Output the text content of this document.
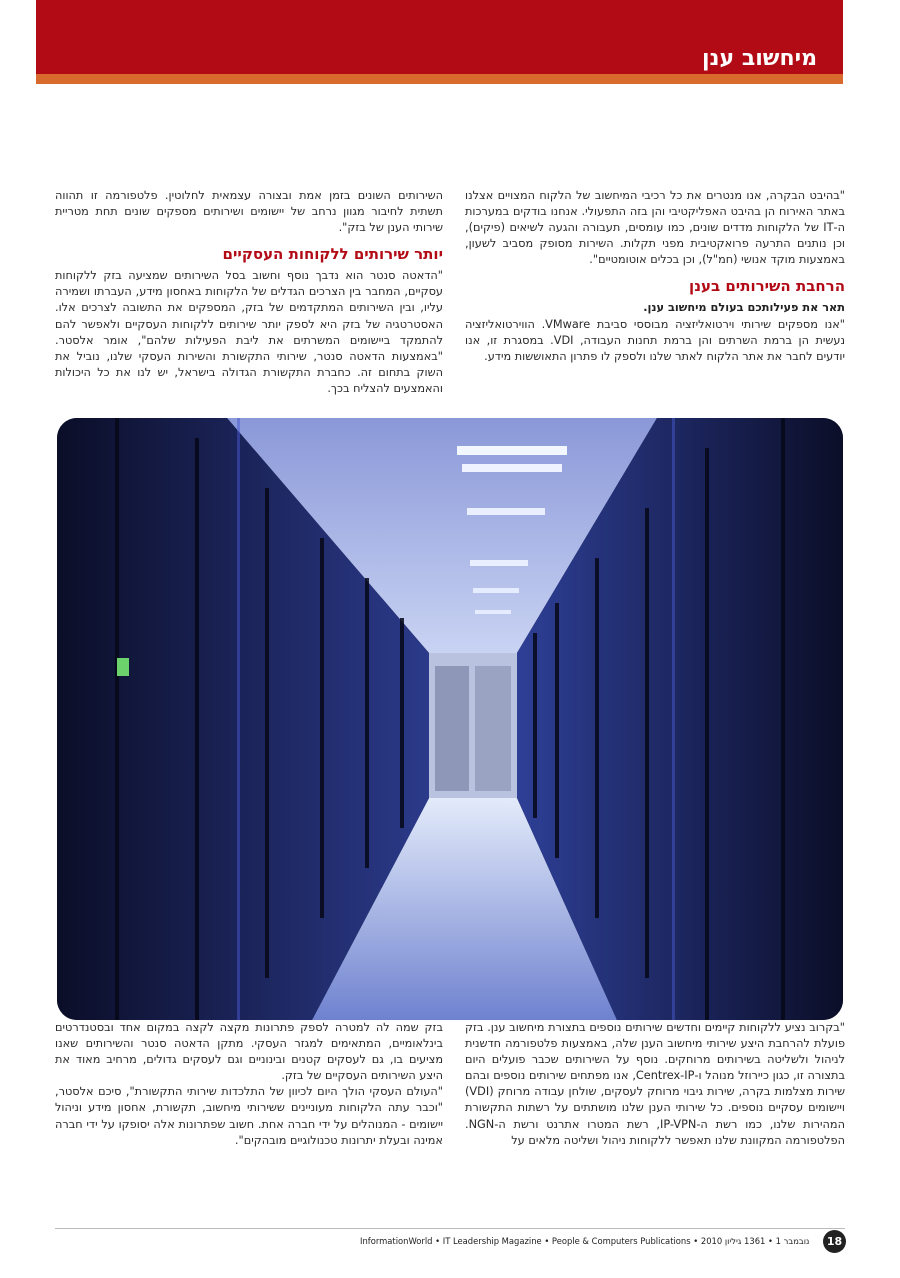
מיחשוב ענן

"בהיבט הבקרה, אנו מנטרים את כל רכיבי המיחשוב של הלקוח המצויים אצלנו באתר האירוח הן בהיבט האפליקטיבי והן בזה התפעולי. אנחנו בודקים במערכות ה-IT של הלקוחות מדדים שונים, כמו עומסים, תעבורה והגעה לשיאים (פיקים), וכן נותנים התרעה פרואקטיבית מפני תקלות. השירות מסופק מסביב לשעון, באמצעות מוקד אנושי (חמ"ל), וכן בכלים אוטומטיים".

הרחבת השירותים בענן

תאר את פעילותכם בעולם מיחשוב ענן.

"אנו מספקים שירותי וירטואליזציה מבוססי סביבת VMware. הווירטואליזציה נעשית הן ברמת השרתים והן ברמת תחנות העבודה, VDI. במסגרת זו, אנו יודעים לחבר את אתר הלקוח לאתר שלנו ולספק לו פתרון התאוששות מידע.

השירותים השונים בזמן אמת ובצורה עצמאית לחלוטין. פלטפורמה זו תהווה תשתית לחיבור מגוון נרחב של יישומים ושירותים מספקים שונים תחת מטריית שירותי הענן של בזק".

יותר שירותים ללקוחות העסקיים

"הדאטה סנטר הוא נדבך נוסף וחשוב בסל השירותים שמציעה בזק ללקוחות עסקיים, המחבר בין הצרכים הגדלים של הלקוחות באחסון מידע, העברתו ושמירה עליו, ובין השירותים המתקדמים של בזק, המספקים את התשובה לצרכים אלו. האסטרטגיה של בזק היא לספק יותר שירותים ללקוחות העסקיים ולאפשר להם להתמקד ביישומים המשרתים את ליבת הפעילות שלהם", אומר אלסטר. "באמצעות הדאטה סנטר, שירותי התקשורת והשירות העסקי שלנו, נוביל את השוק בתחום זה. כחברת התקשורת הגדולה בישראל, יש לנו את כל היכולות והאמצעים להצליח בכך.

"בקרוב נציע ללקוחות קיימים וחדשים שירותים נוספים בתצורת מיחשוב ענן. בזק פועלת להרחבת היצע שירותי מיחשוב הענן שלה, באמצעות פלטפורמה חדשנית לניהול ולשליטה בשירותים מרוחקים. נוסף על השירותים שכבר פועלים היום בתצורה זו, כגון כיירוזל מנוהל ו-Centrex-IP, אנו מפתחים שירותים נוספים ובהם שירות מצלמות בקרה, שירות גיבוי מרוחק לעסקים, שולחן עבודה מרוחק (VDI) ויישומים עסקיים נוספים. כל שירותי הענן שלנו מושתתים על רשתות התקשורת המהירות שלנו, כמו רשת ה-IP-VPN, רשת המטרו אתרנט ורשת ה-NGN. הפלטפורמה המקוונת שלנו תאפשר ללקוחות ניהול ושליטה מלאים על

בזק שמה לה למטרה לספק פתרונות מקצה לקצה במקום אחד ובסטנדרטים בינלאומיים, המתאימים למגזר העסקי. מתקן הדאטה סנטר והשירותים שאנו מציעים בו, גם לעסקים קטנים ובינוניים וגם לעסקים גדולים, מרחיב מאוד את היצע השירותים העסקיים של בזק.

"העולם העסקי הולך היום לכיוון של התלכדות שירותי התקשורת", סיכם אלסטר, "וכבר עתה הלקוחות מעוניינים ששירותי מיחשוב, תקשורת, אחסון מידע וניהול יישומים - המנוהלים על ידי חברה אחת. חשוב שפתרונות אלה יסופקו על ידי חברה אמינה ובעלת יתרונות טכנולוגיים מובהקים".

InformationWorld • IT Leadership Magazine • People & Computers Publications • 2010 נובמבר 1 • 1361 גיליון	18
